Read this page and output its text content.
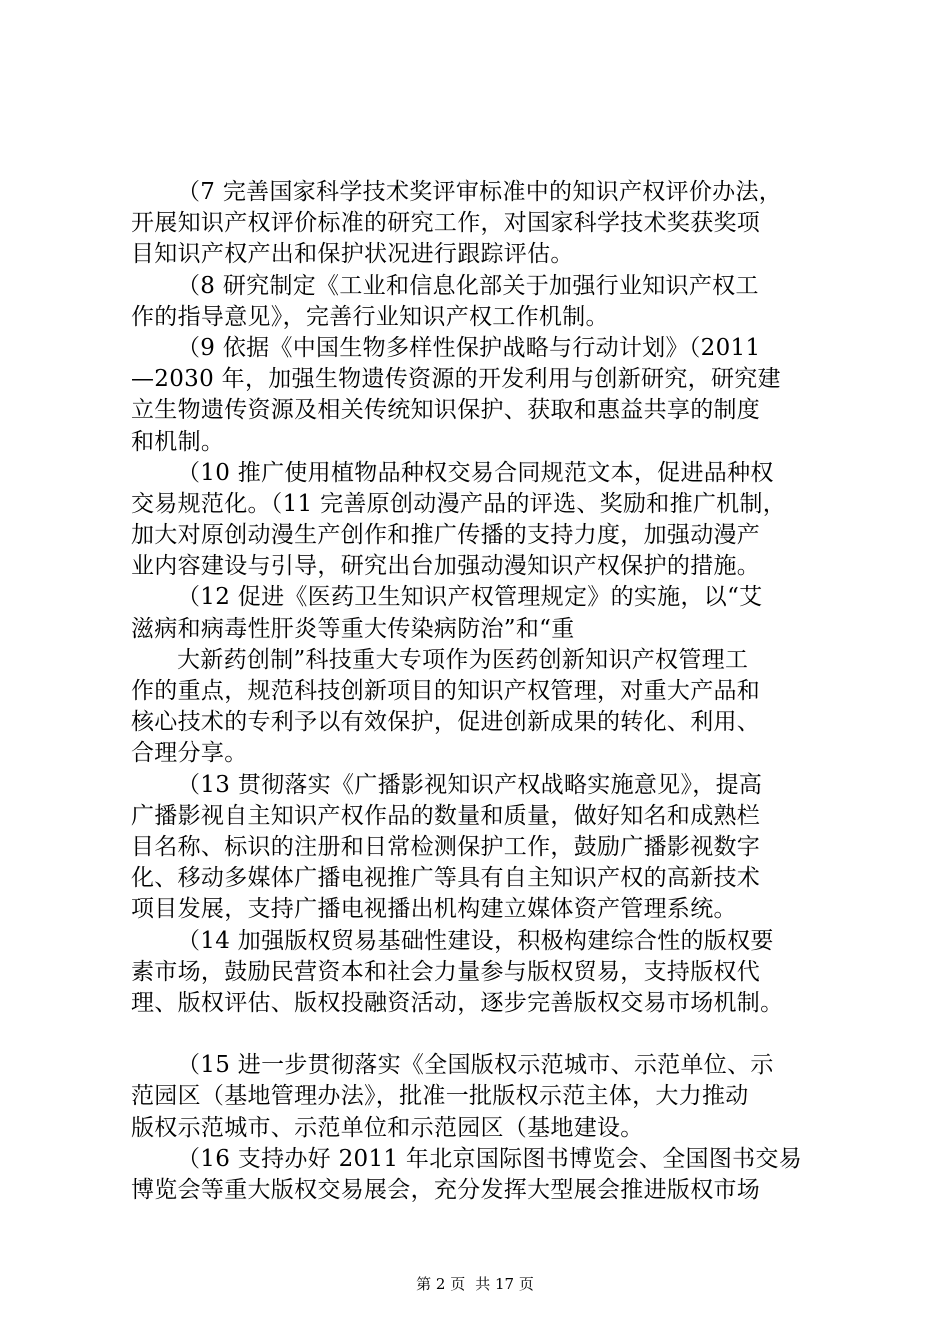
（7 完善国家科学技术奖评审标准中的知识产权评价办法，
开展知识产权评价标准的研究工作，对国家科学技术奖获奖项
目知识产权产出和保护状况进行跟踪评估。
（8 研究制定《工业和信息化部关于加强行业知识产权工
作的指导意见》，完善行业知识产权工作机制。
（9 依据《中国生物多样性保护战略与行动计划》（2011
—2030 年，加强生物遗传资源的开发利用与创新研究，研究建
立生物遗传资源及相关传统知识保护、获取和惠益共享的制度
和机制。
（10 推广使用植物品种权交易合同规范文本，促进品种权
交易规范化。（11 完善原创动漫产品的评选、奖励和推广机制，
加大对原创动漫生产创作和推广传播的支持力度，加强动漫产
业内容建设与引导，研究出台加强动漫知识产权保护的措施。
（12 促进《医药卫生知识产权管理规定》的实施，以“艾
滋病和病毒性肝炎等重大传染病防治”和“重
大新药创制”科技重大专项作为医药创新知识产权管理工
作的重点，规范科技创新项目的知识产权管理，对重大产品和
核心技术的专利予以有效保护，促进创新成果的转化、利用、
合理分享。
（13 贯彻落实《广播影视知识产权战略实施意见》，提高
广播影视自主知识产权作品的数量和质量，做好知名和成熟栏
目名称、标识的注册和日常检测保护工作，鼓励广播影视数字
化、移动多媒体广播电视推广等具有自主知识产权的高新技术
项目发展，支持广播电视播出机构建立媒体资产管理系统。
（14 加强版权贸易基础性建设，积极构建综合性的版权要
素市场，鼓励民营资本和社会力量参与版权贸易，支持版权代
理、版权评估、版权投融资活动，逐步完善版权交易市场机制。
（15 进一步贯彻落实《全国版权示范城市、示范单位、示
范园区（基地管理办法》，批准一批版权示范主体，大力推动
版权示范城市、示范单位和示范园区（基地建设。
（16 支持办好 2011 年北京国际图书博览会、全国图书交易
博览会等重大版权交易展会，充分发挥大型展会推进版权市场
第 2 页 共 17 页
